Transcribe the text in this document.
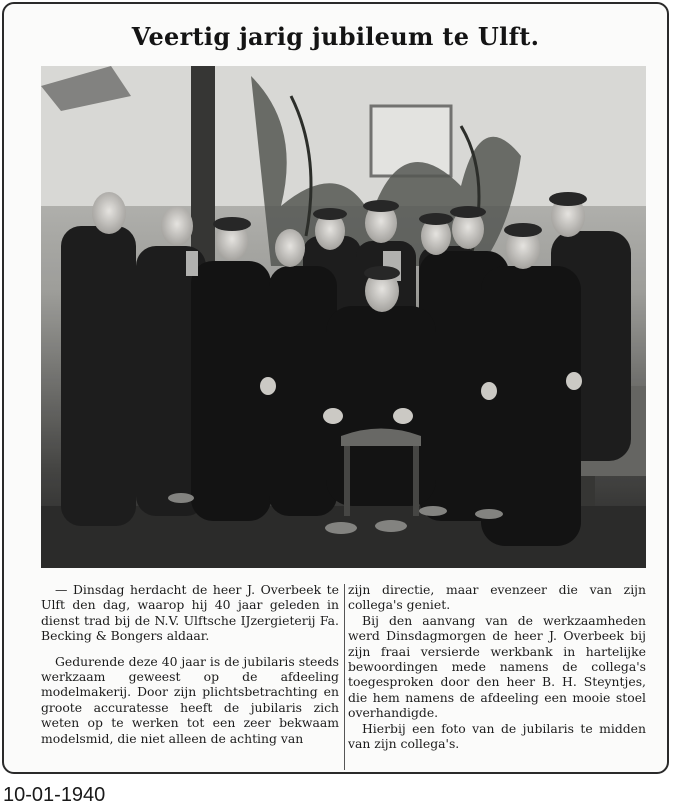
Veertig jarig jubileum te Ulft.

— Dinsdag herdacht de heer J. Overbeek te Ulft den dag, waarop hij 40 jaar geleden in dienst trad bij de N.V. Ulftsche IJzergieterij Fa. Becking & Bongers aldaar.

Gedurende deze 40 jaar is de jubilaris steeds werkzaam geweest op de afdeeling modelmakerij. Door zijn plichtsbetrachting en groote accuratesse heeft de jubilaris zich weten op te werken tot een zeer bekwaam modelsmid, die niet alleen de achting van

zijn directie, maar evenzeer die van zijn collega's geniet.

Bij den aanvang van de werkzaamheden werd Dinsdagmorgen de heer J. Overbeek bij zijn fraai versierde werkbank in hartelijke bewoordingen mede namens de collega's toegesproken door den heer B. H. Steyntjes, die hem namens de afdeeling een mooie stoel overhandigde.

Hierbij een foto van de jubilaris te midden van zijn collega's.

10-01-1940
